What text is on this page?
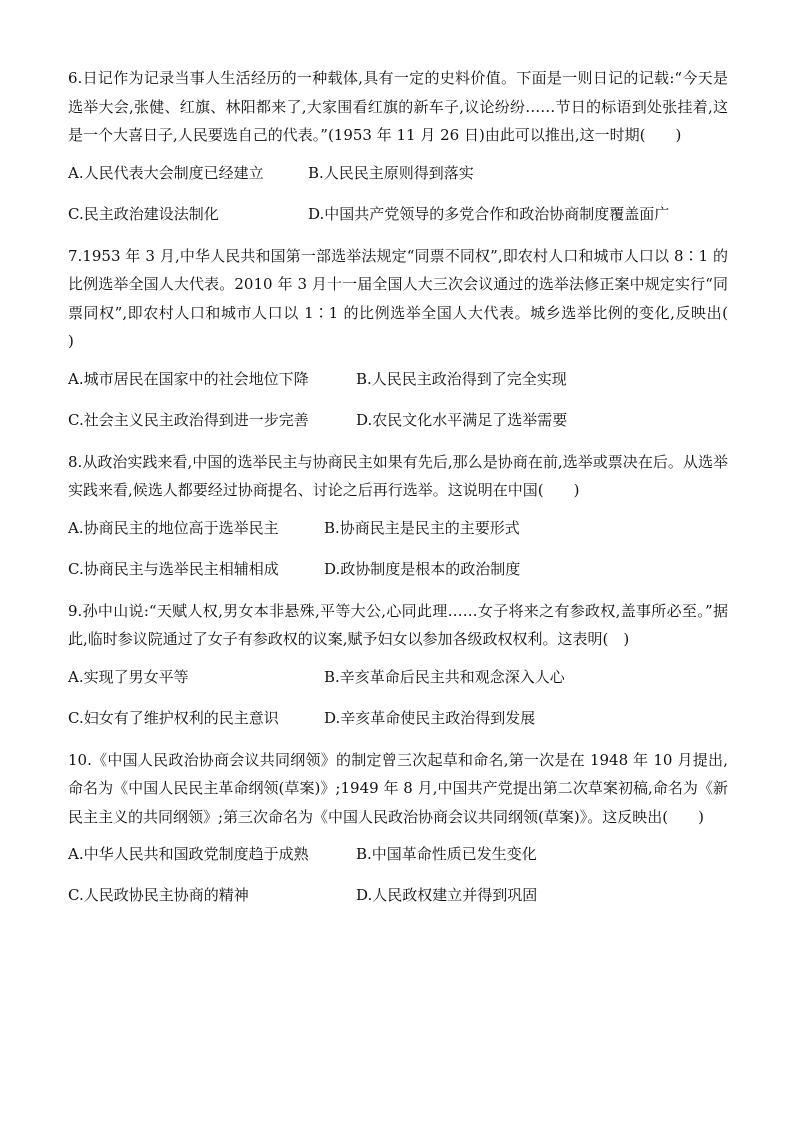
6.日记作为记录当事人生活经历的一种载体,具有一定的史料价值。下面是一则日记的记载:“今天是选举大会,张健、红旗、林阳都来了,大家围看红旗的新车子,议论纷纷……节日的标语到处张挂着,这是一个大喜日子,人民要选自己的代表。”(1953 年 11 月 26 日)由此可以推出,这一时期(　　)

A.人民代表大会制度已经建立	B.人民民主原则得到落实
C.民主政治建设法制化	D.中国共产党领导的多党合作和政治协商制度覆盖面广

7.1953 年 3 月,中华人民共和国第一部选举法规定“同票不同权”,即农村人口和城市人口以 8∶1 的比例选举全国人大代表。2010 年 3 月十一届全国人大三次会议通过的选举法修正案中规定实行“同票同权”,即农村人口和城市人口以 1∶1 的比例选举全国人大代表。城乡选举比例的变化,反映出(　　)

A.城市居民在国家中的社会地位下降	B.人民民主政治得到了完全实现
C.社会主义民主政治得到进一步完善	D.农民文化水平满足了选举需要

8.从政治实践来看,中国的选举民主与协商民主如果有先后,那么是协商在前,选举或票决在后。从选举实践来看,候选人都要经过协商提名、讨论之后再行选举。这说明在中国(　　)

A.协商民主的地位高于选举民主	B.协商民主是民主的主要形式
C.协商民主与选举民主相辅相成	D.政协制度是根本的政治制度

9.孙中山说:“天赋人权,男女本非悬殊,平等大公,心同此理……女子将来之有参政权,盖事所必至。”据此,临时参议院通过了女子有参政权的议案,赋予妇女以参加各级政权权利。这表明(　)

A.实现了男女平等	B.辛亥革命后民主共和观念深入人心
C.妇女有了维护权利的民主意识	D.辛亥革命使民主政治得到发展

10.《中国人民政治协商会议共同纲领》的制定曾三次起草和命名,第一次是在 1948 年 10 月提出,命名为《中国人民民主革命纲领(草案)》;1949 年 8 月,中国共产党提出第二次草案初稿,命名为《新民主主义的共同纲领》;第三次命名为《中国人民政治协商会议共同纲领(草案)》。这反映出(　　)

A.中华人民共和国政党制度趋于成熟	B.中国革命性质已发生变化
C.人民政协民主协商的精神	D.人民政权建立并得到巩固
